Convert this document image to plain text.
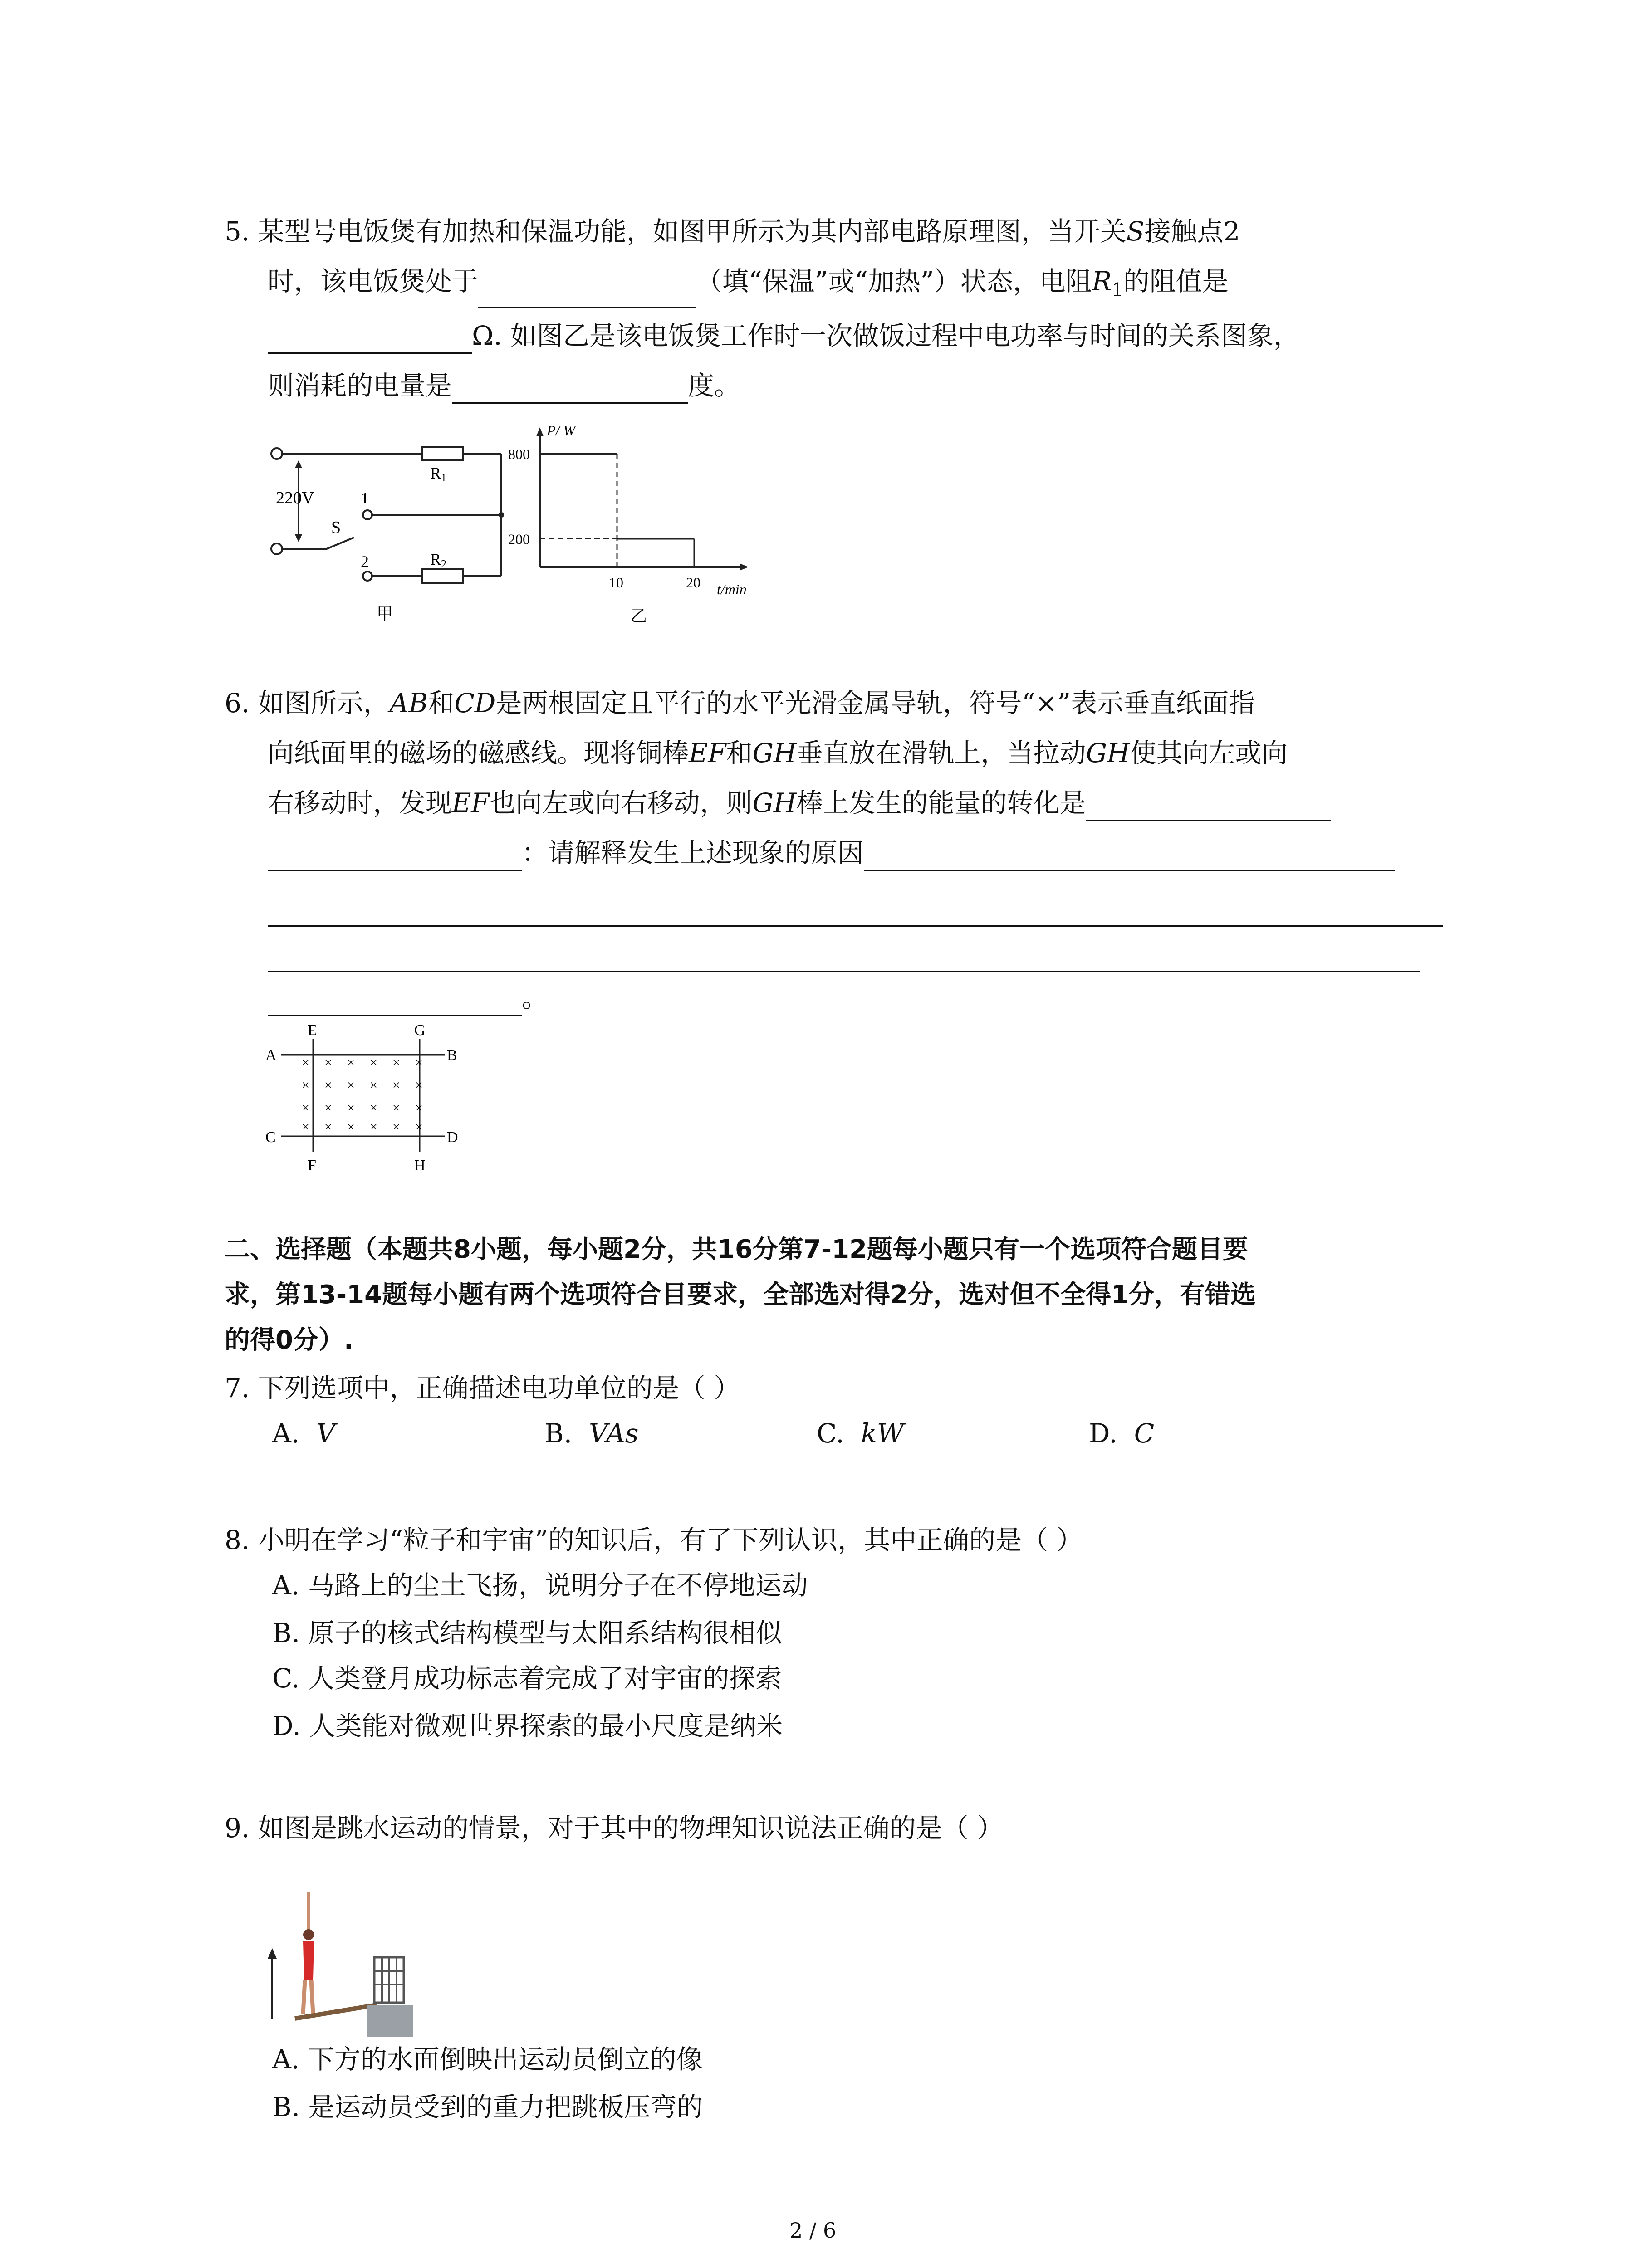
5. 某型号电饭煲有加热和保温功能，如图甲所示为其内部电路原理图，当开关S接触点2
时，该电饭煲处于	（填“保温”或“加热”）状态，电阻$R_1$的阻值是
Ω. 如图乙是该电饭煲工作时一次做饭过程中电功率与时间的关系图象，
则消耗的电量是	度。
220V
S
1
2
R1
R2
甲
800
200
10	20
P/ W
t/min
乙
6. 如图所示，AB和CD是两根固定且平行的水平光滑金属导轨，符号“×”表示垂直纸面指
向纸面里的磁场的磁感线。现将铜棒EF和GH垂直放在滑轨上，当拉动GH使其向左或向
右移动时，发现EF也向左或向右移动，则GH棒上发生的能量的转化是
：请解释发生上述现象的原因
。
× × × × × ×
× × × × × ×
× × × × × ×
× × × × × ×
A	B
C	D
E
F
G
H
二、选择题（本题共8小题，每小题2分，共16分第7-12题每小题只有一个选项符合题目要
求，第13-14题每小题有两个选项符合目要求，全部选对得2分，选对但不全得1分，有错选
的得0分）.
7. 下列选项中，正确描述电功单位的是（ ）
A. V	B. VAs	C. kW	D. C
8. 小明在学习“粒子和宇宙”的知识后，有了下列认识，其中正确的是（ ）
A. 马路上的尘土飞扬，说明分子在不停地运动
B. 原子的核式结构模型与太阳系结构很相似
C. 人类登月成功标志着完成了对宇宙的探索
D. 人类能对微观世界探索的最小尺度是纳米
9. 如图是跳水运动的情景，对于其中的物理知识说法正确的是（ ）
A. 下方的水面倒映出运动员倒立的像
B. 是运动员受到的重力把跳板压弯的
2 / 6
